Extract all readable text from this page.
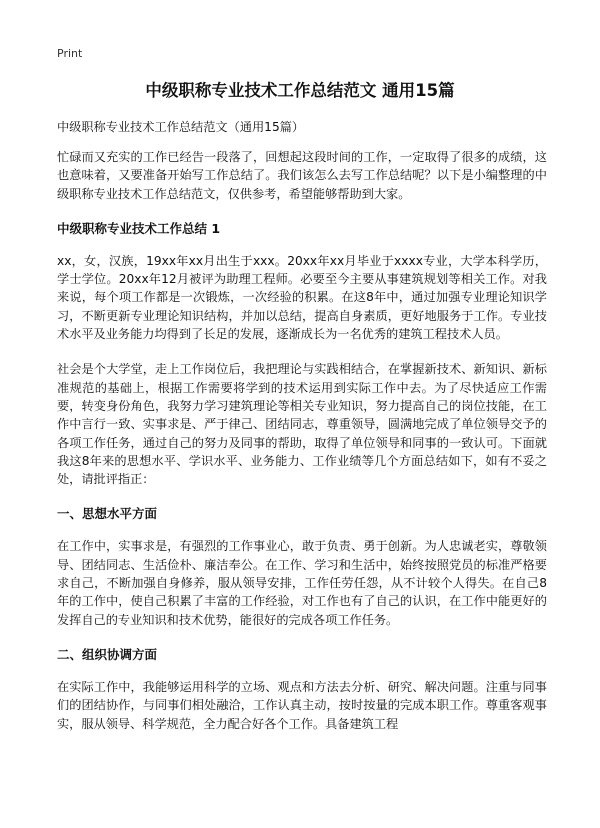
Print
中级职称专业技术工作总结范文 通用15篇
中级职称专业技术工作总结范文（通用15篇）

忙碌而又充实的工作已经告一段落了，回想起这段时间的工作，一定取得了很多的成绩，这也意味着，又要准备开始写工作总结了。我们该怎么去写工作总结呢？以下是小编整理的中级职称专业技术工作总结范文，仅供参考，希望能够帮助到大家。

中级职称专业技术工作总结 1

xx，女，汉族，19xx年xx月出生于xxx。20xx年xx月毕业于xxxx专业，大学本科学历，学士学位。20xx年12月被评为助理工程师。必要至今主要从事建筑规划等相关工作。对我来说，每个项工作都是一次锻炼，一次经验的积累。在这8年中，通过加强专业理论知识学习，不断更新专业理论知识结构，并加以总结，提高自身素质，更好地服务于工作。专业技术水平及业务能力均得到了长足的发展，逐渐成长为一名优秀的建筑工程技术人员。

社会是个大学堂，走上工作岗位后，我把理论与实践相结合，在掌握新技术、新知识、新标准规范的基础上，根据工作需要将学到的技术运用到实际工作中去。为了尽快适应工作需要，转变身份角色，我努力学习建筑理论等相关专业知识，努力提高自己的岗位技能，在工作中言行一致、实事求是、严于律己、团结同志，尊重领导，圆满地完成了单位领导交予的各项工作任务，通过自己的努力及同事的帮助，取得了单位领导和同事的一致认可。下面就我这8年来的思想水平、学识水平、业务能力、工作业绩等几个方面总结如下，如有不妥之处，请批评指正：

一、思想水平方面

在工作中，实事求是，有强烈的工作事业心，敢于负责、勇于创新。为人忠诚老实，尊敬领导、团结同志、生活俭朴、廉洁奉公。在工作、学习和生活中，始终按照党员的标准严格要求自己，不断加强自身修养，服从领导安排，工作任劳任怨，从不计较个人得失。在自己8年的工作中，使自己积累了丰富的工作经验，对工作也有了自己的认识，在工作中能更好的发挥自己的专业知识和技术优势，能很好的完成各项工作任务。

二、组织协调方面

在实际工作中，我能够运用科学的立场、观点和方法去分析、研究、解决问题。注重与同事们的团结协作，与同事们相处融洽，工作认真主动，按时按量的完成本职工作。尊重客观事实，服从领导、科学规范，全力配合好各个工作。具备建筑工程
